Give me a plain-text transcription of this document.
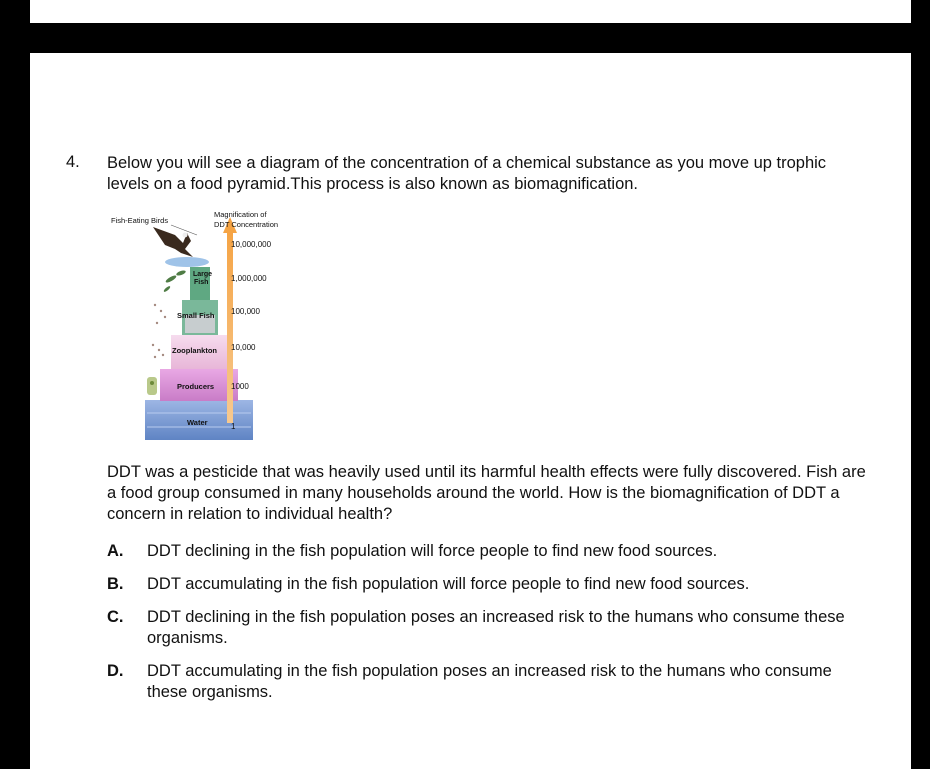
4. Below you will see a diagram of the concentration of a chemical substance as you move up trophic levels on a food pyramid.This process is also known as biomagnification.

Fish-Eating Birds
Magnification of
DDT Concentration
Large
Fish
Small Fish
Zooplankton
Producers
Water
10,000,000
1,000,000
100,000
10,000
1000
1

DDT was a pesticide that was heavily used until its harmful health effects were fully discovered. Fish are a food group consumed in many households around the world. How is the biomagnification of DDT a concern in relation to individual health?

A.	DDT declining in the fish population will force people to find new food sources.
B.	DDT accumulating in the fish population will force people to find new food sources.
C.	DDT declining in the fish population poses an increased risk to the humans who consume these organisms.
D.	DDT accumulating in the fish population poses an increased risk to the humans who consume these organisms.
